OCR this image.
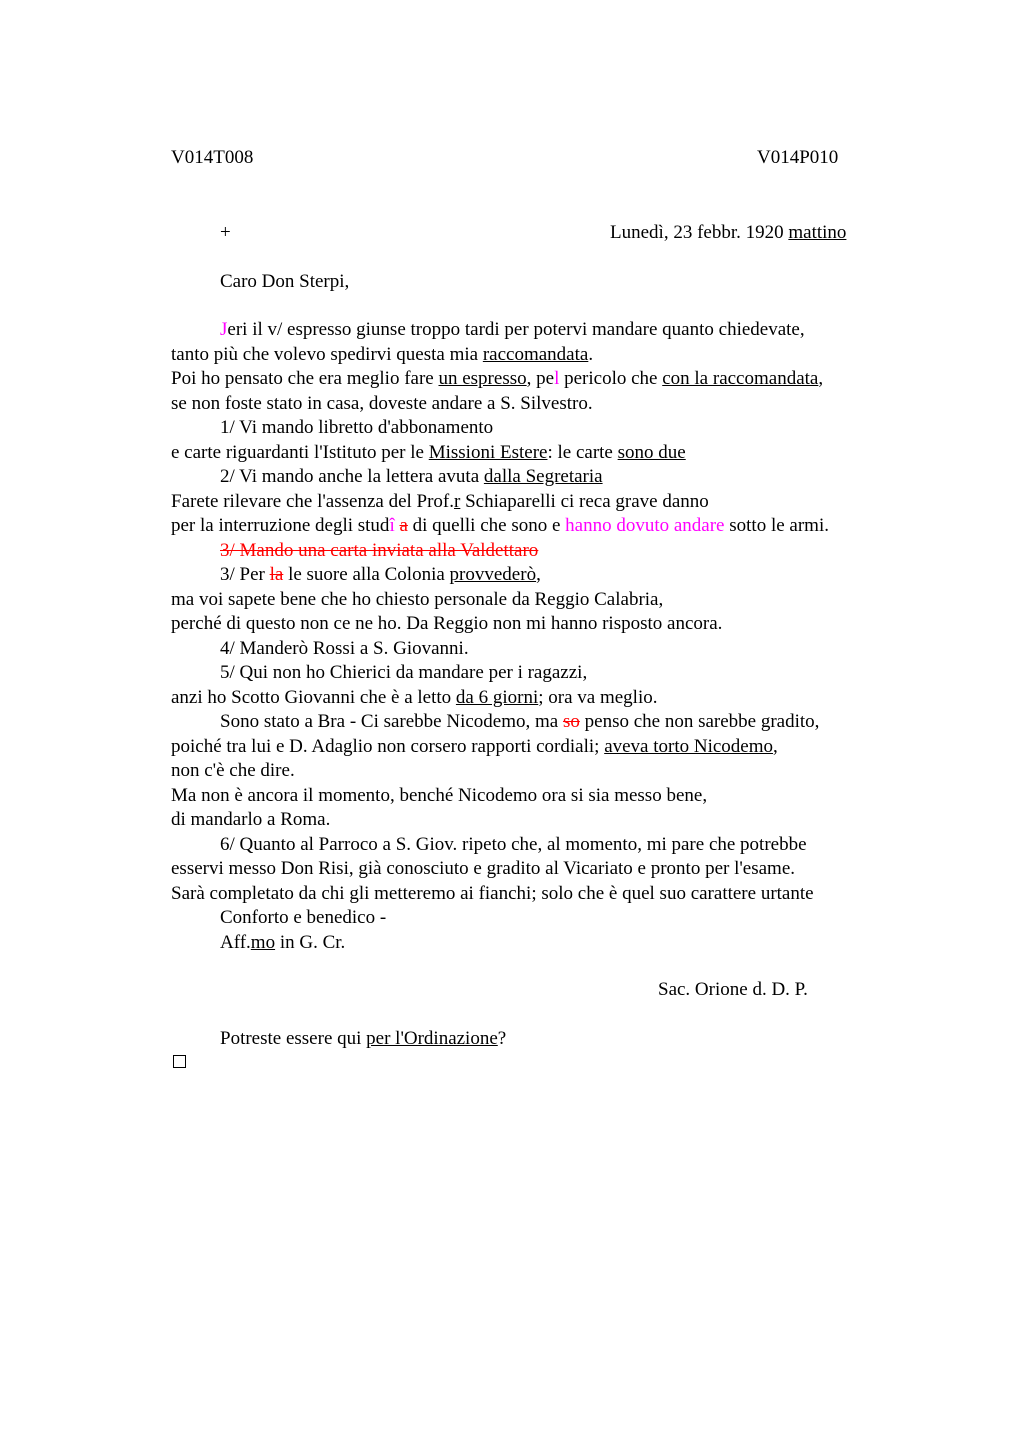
V014T008	V014P010
+	Lunedì, 23 febbr. 1920 mattino
Caro Don Sterpi,
Jeri il v/ espresso giunse troppo tardi per potervi mandare quanto chiedevate,
tanto più che volevo spedirvi questa mia raccomandata.
Poi ho pensato che era meglio fare un espresso, pel pericolo che con la raccomandata,
se non foste stato in casa, doveste andare a S. Silvestro.
1/ Vi mando libretto d'abbonamento
e carte riguardanti l'Istituto per le Missioni Estere: le carte sono due
2/ Vi mando anche la lettera avuta dalla Segretaria
Farete rilevare che l'assenza del Prof.r Schiaparelli ci reca grave danno
per la interruzione degli studî a di quelli che sono e hanno dovuto andare sotto le armi.
3/ Mando una carta inviata alla Valdettaro
3/ Per la le suore alla Colonia provvederò,
ma voi sapete bene che ho chiesto personale da Reggio Calabria,
perché di questo non ce ne ho. Da Reggio non mi hanno risposto ancora.
4/ Manderò Rossi a S. Giovanni.
5/ Qui non ho Chierici da mandare per i ragazzi,
anzi ho Scotto Giovanni che è a letto da 6 giorni; ora va meglio.
Sono stato a Bra - Ci sarebbe Nicodemo, ma so penso che non sarebbe gradito,
poiché tra lui e D. Adaglio non corsero rapporti cordiali; aveva torto Nicodemo,
non c'è che dire.
Ma non è ancora il momento, benché Nicodemo ora si sia messo bene,
di mandarlo a Roma.
6/ Quanto al Parroco a S. Giov. ripeto che, al momento, mi pare che potrebbe
esservi messo Don Risi, già conosciuto e gradito al Vicariato e pronto per l'esame.
Sarà completato da chi gli metteremo ai fianchi; solo che è quel suo carattere urtante
Conforto e benedico -
Aff.mo in G. Cr.
Sac. Orione d. D. P.
Potreste essere qui per l'Ordinazione?
